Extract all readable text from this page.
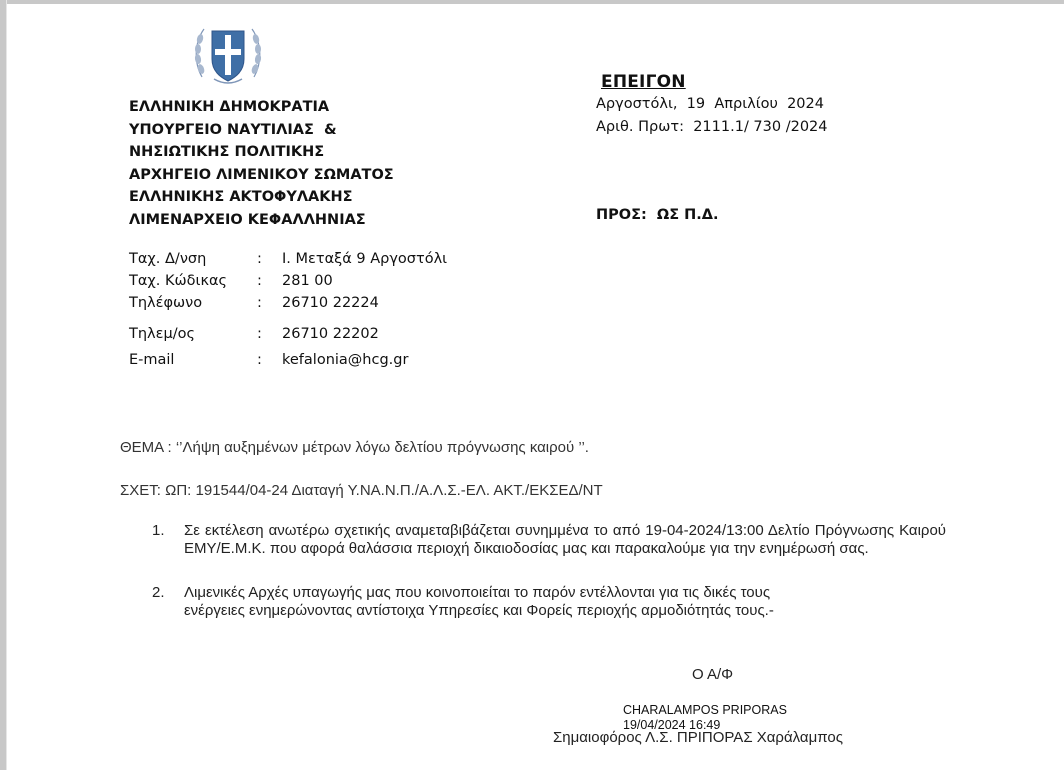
ΕΠΕΙΓΟΝ
Αργοστόλι,  19  Απριλίου  2024
Αριθ. Πρωτ:  2111.1/ 730 /2024
ΠΡΟΣ:  ΩΣ Π.Δ.
ΕΛΛΗΝΙΚΗ ΔΗΜΟΚΡΑΤΙΑ
ΥΠΟΥΡΓΕΙΟ ΝΑΥΤΙΛΙΑΣ  &
ΝΗΣΙΩΤΙΚΗΣ ΠΟΛΙΤΙΚΗΣ
ΑΡΧΗΓΕΙΟ ΛΙΜΕΝΙΚΟΥ ΣΩΜΑΤΟΣ
ΕΛΛΗΝΙΚΗΣ ΑΚΤΟΦΥΛΑΚΗΣ
ΛΙΜΕΝΑΡΧΕΙΟ ΚΕΦΑΛΛΗΝΙΑΣ
Ταχ. Δ/νση	: Ι. Μεταξά 9 Αργοστόλι
Ταχ. Κώδικας : 281 00
Τηλέφωνο	: 26710 22224
Τηλεμ/ος	: 26710 22202
E-mail	: kefalonia@hcg.gr
ΘΕΜΑ : ‘’Λήψη αυξημένων μέτρων λόγω δελτίου πρόγνωσης καιρού ’’.
ΣΧΕΤ: ΩΠ: 191544/04-24 Διαταγή Υ.ΝΑ.Ν.Π./Α.Λ.Σ.-ΕΛ. ΑΚΤ./ΕΚΣΕΔ/ΝΤ
1. Σε εκτέλεση ανωτέρω σχετικής αναμεταβιβάζεται συνημμένα το από 19-04-2024/13:00 Δελτίο Πρόγνωσης Καιρού ΕΜΥ/Ε.Μ.Κ. που αφορά θαλάσσια περιοχή δικαιοδοσίας μας και παρακαλούμε για την ενημέρωσή σας.
2. Λιμενικές Αρχές υπαγωγής μας που κοινοποιείται το παρόν εντέλλονται για τις δικές τους
ενέργειες ενημερώνοντας αντίστοιχα Υπηρεσίες και Φορείς περιοχής αρμοδιότητάς τους.-
Ο Α/Φ
CHARALAMPOS PRIPORAS
19/04/2024 16:49
Σημαιοφόρος Λ.Σ. ΠΡΙΠΟΡΑΣ Χαράλαμπος
